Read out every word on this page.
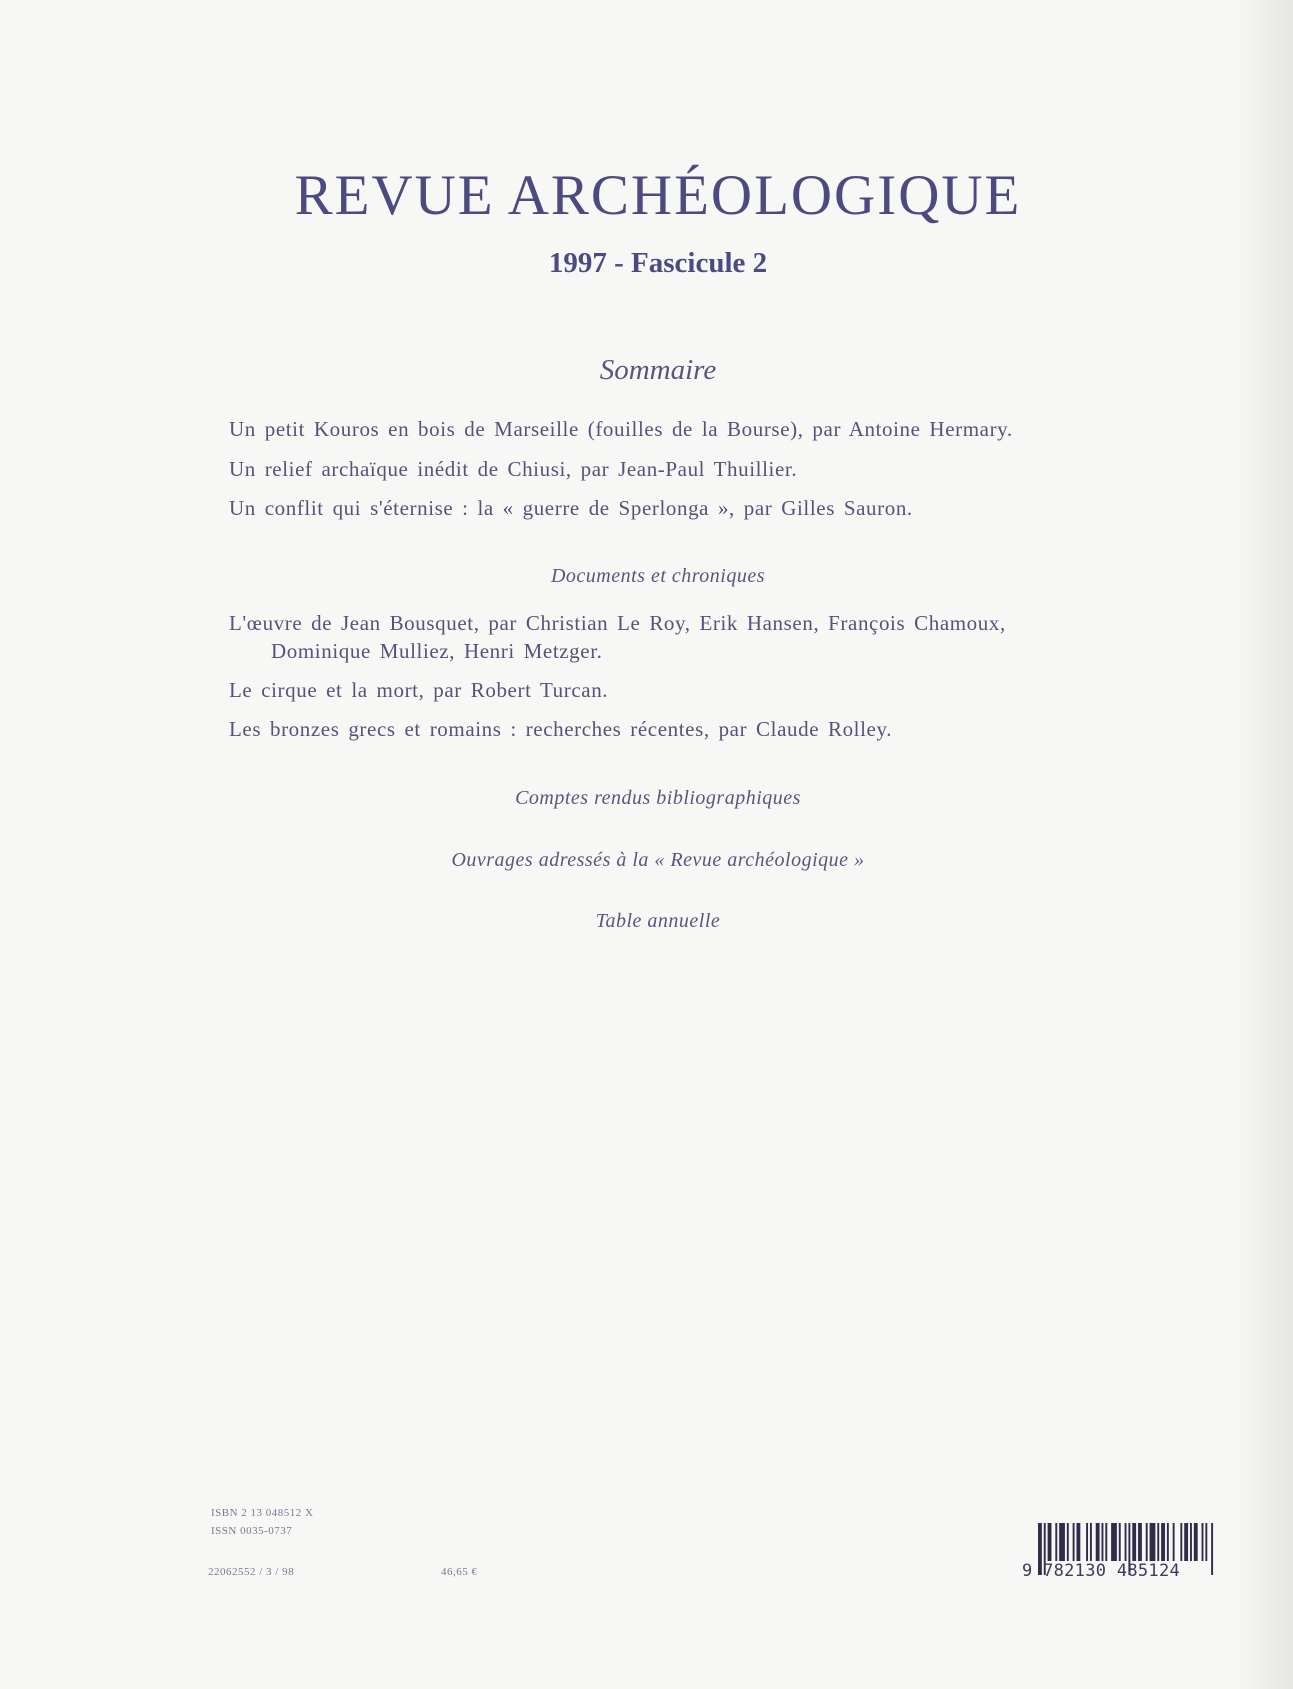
REVUE ARCHÉOLOGIQUE

1997 - Fascicule 2

Sommaire

Un petit Kouros en bois de Marseille (fouilles de la Bourse), par Antoine Hermary.

Un relief archaïque inédit de Chiusi, par Jean-Paul Thuillier.

Un conflit qui s'éternise : la « guerre de Sperlonga », par Gilles Sauron.

Documents et chroniques

L'œuvre de Jean Bousquet, par Christian Le Roy, Erik Hansen, François Chamoux,
Dominique Mulliez, Henri Metzger.

Le cirque et la mort, par Robert Turcan.

Les bronzes grecs et romains : recherches récentes, par Claude Rolley.

Comptes rendus bibliographiques
Ouvrages adressés à la « Revue archéologique »
Table annuelle

ISBN 2 13 048512 X

ISSN 0035-0737

22062552 / 3 / 98	46,65 €	9 782130 485124
